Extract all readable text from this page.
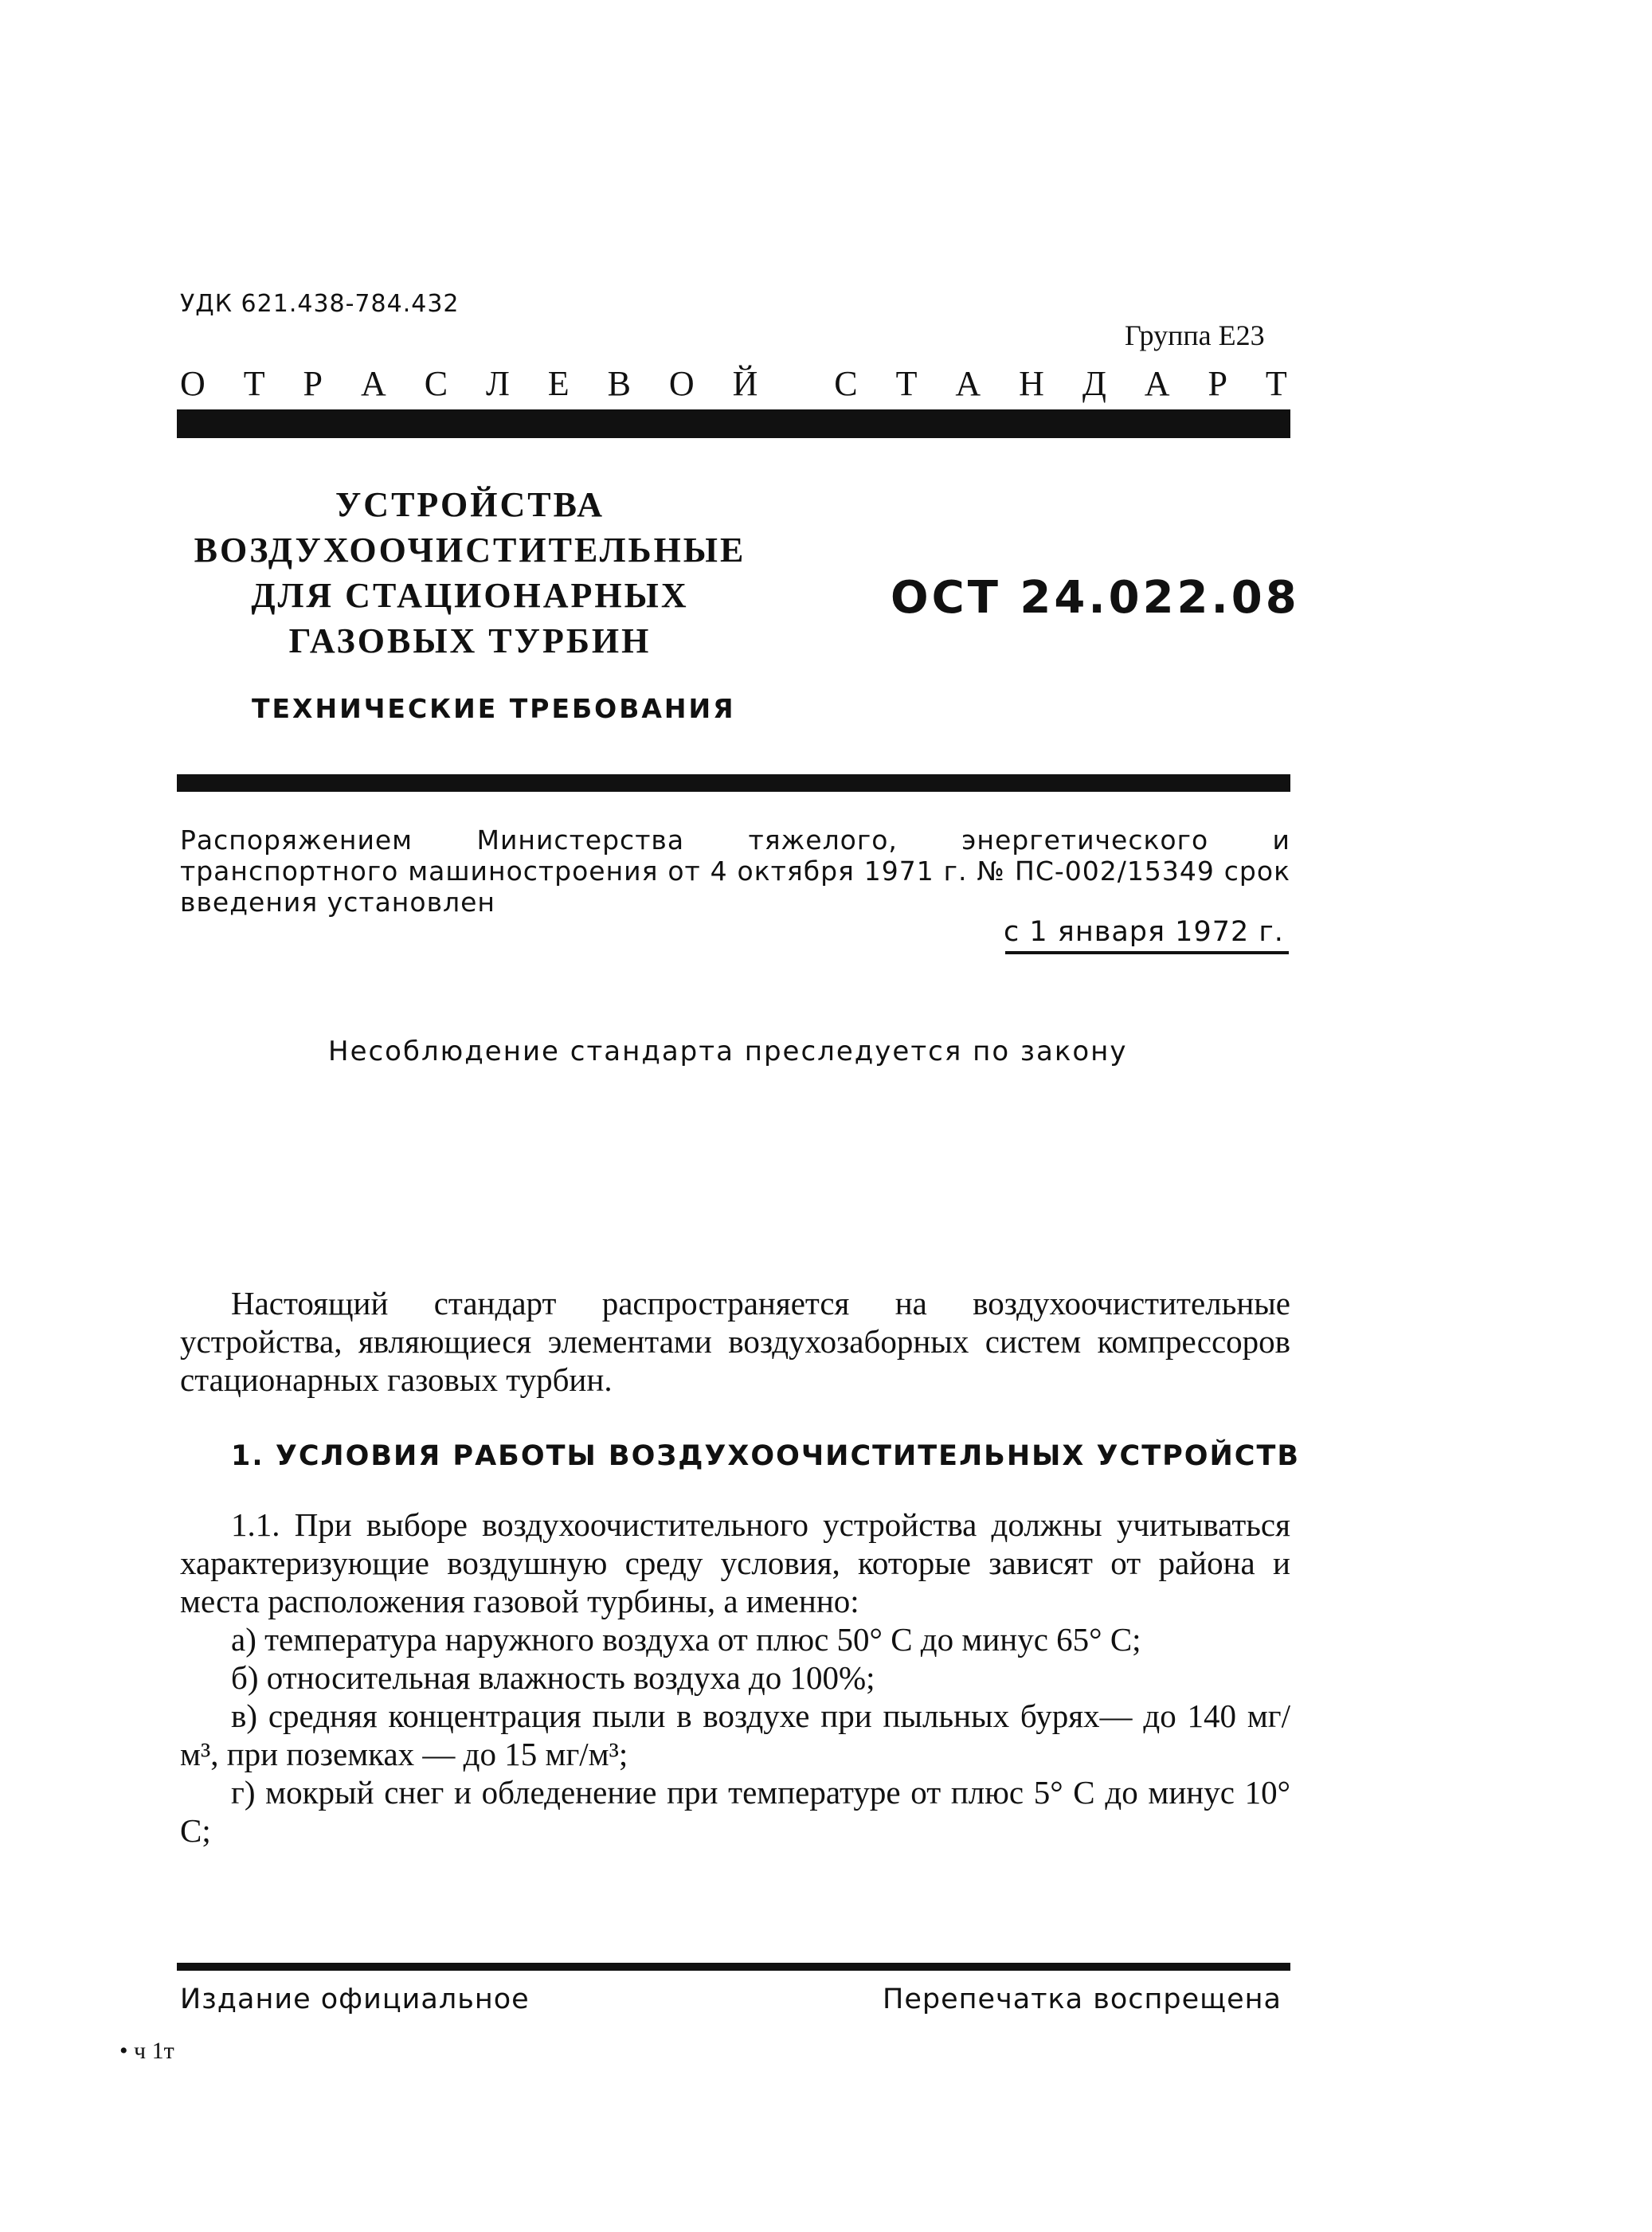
УДК 621.438-784.432
Группа Е23
О Т Р А С Л Е В О Й С Т А Н Д А Р Т
УСТРОЙСТВА
ВОЗДУХООЧИСТИТЕЛЬНЫЕ
ДЛЯ СТАЦИОНАРНЫХ
ГАЗОВЫХ ТУРБИН
ОСТ 24.022.08
ТЕХНИЧЕСКИЕ ТРЕБОВАНИЯ
Распоряжением Министерства тяжелого, энергетического и транспортного машиностроения от 4 октября 1971 г. № ПС-002/15349 срок введения установлен
с 1 января 1972 г.
Несоблюдение стандарта преследуется по закону
Настоящий стандарт распространяется на воздухоочистительные устройства, являющиеся элементами воздухозаборных систем компрессоров стационарных газовых турбин.
1. УСЛОВИЯ РАБОТЫ ВОЗДУХООЧИСТИТЕЛЬНЫХ УСТРОЙСТВ
1.1. При выборе воздухоочистительного устройства должны учитываться характеризующие воздушную среду условия, которые зависят от района и места расположения газовой турбины, а именно:
а) температура наружного воздуха от плюс 50° С до минус 65° С;
б) относительная влажность воздуха до 100%;
в) средняя концентрация пыли в воздухе при пыльных бурях— до 140 мг/м³, при поземках — до 15 мг/м³;
г) мокрый снег и обледенение при температуре от плюс 5° С до минус 10° С;
Издание официальное	Перепечатка воспрещена
• ч 1т
